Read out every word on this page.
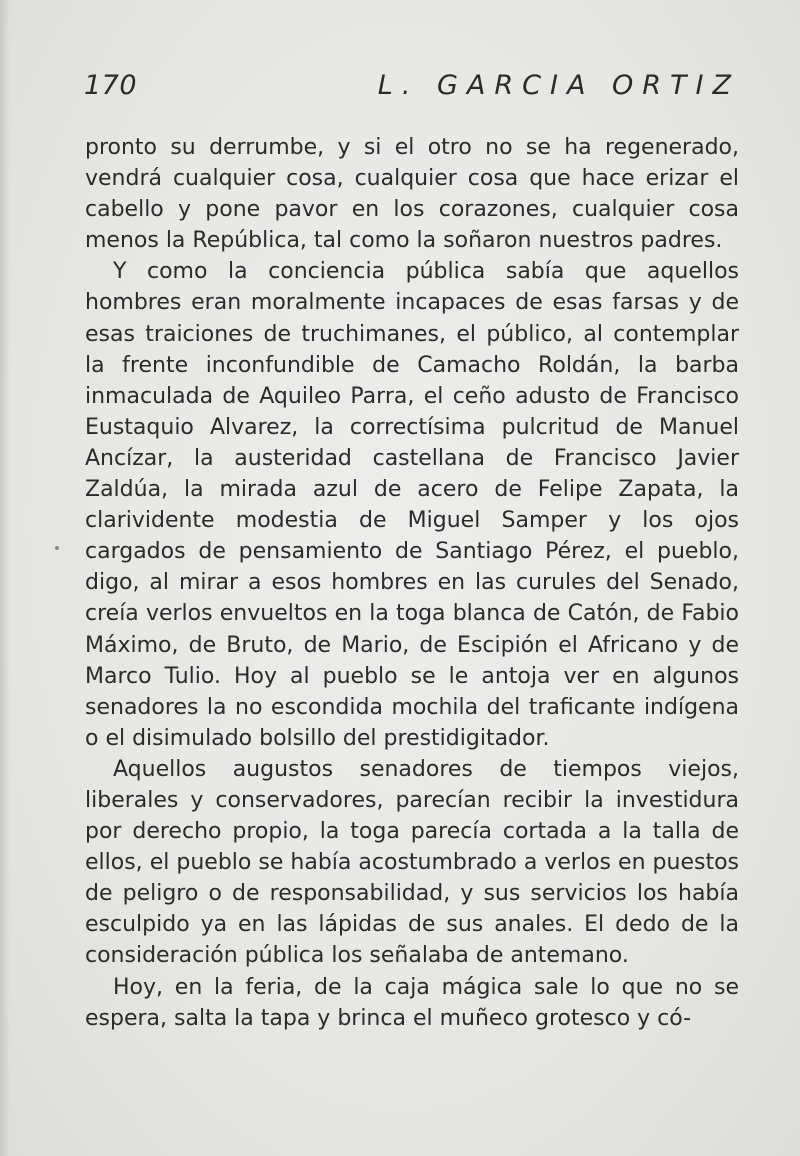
170	L. GARCIA ORTIZ

pronto su derrumbe, y si el otro no se ha regenerado, vendrá cualquier cosa, cualquier cosa que hace erizar el cabello y pone pavor en los corazones, cualquier cosa menos la República, tal como la soñaron nuestros padres.

Y como la conciencia pública sabía que aquellos hombres eran moralmente incapaces de esas farsas y de esas traiciones de truchimanes, el público, al contemplar la frente inconfundible de Camacho Roldán, la barba inmaculada de Aquileo Parra, el ceño adusto de Francisco Eustaquio Alvarez, la correctísima pulcritud de Manuel Ancízar, la austeridad castellana de Francisco Javier Zaldúa, la mirada azul de acero de Felipe Zapata, la clarividente modestia de Miguel Samper y los ojos cargados de pensamiento de Santiago Pérez, el pueblo, digo, al mirar a esos hombres en las curules del Senado, creía verlos envueltos en la toga blanca de Catón, de Fabio Máximo, de Bruto, de Mario, de Escipión el Africano y de Marco Tulio. Hoy al pueblo se le antoja ver en algunos senadores la no escondida mochila del traficante indígena o el disimulado bolsillo del prestidigitador.

Aquellos augustos senadores de tiempos viejos, liberales y conservadores, parecían recibir la investidura por derecho propio, la toga parecía cortada a la talla de ellos, el pueblo se había acostumbrado a verlos en puestos de peligro o de responsabilidad, y sus servicios los había esculpido ya en las lápidas de sus anales. El dedo de la consideración pública los señalaba de antemano.

Hoy, en la feria, de la caja mágica sale lo que no se espera, salta la tapa y brinca el muñeco grotesco y có-
